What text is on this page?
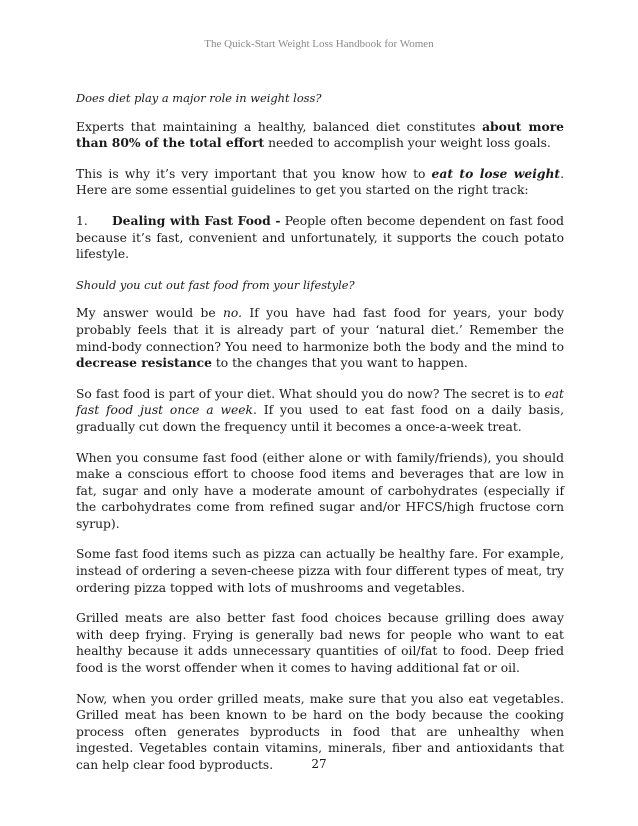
The Quick-Start Weight Loss Handbook for Women

Does diet play a major role in weight loss?

Experts that maintaining a healthy, balanced diet constitutes about more than 80% of the total effort needed to accomplish your weight loss goals.

This is why it’s very important that you know how to eat to lose weight. Here are some essential guidelines to get you started on the right track:

1. Dealing with Fast Food - People often become dependent on fast food because it’s fast, convenient and unfortunately, it supports the couch potato lifestyle.

Should you cut out fast food from your lifestyle?

My answer would be no. If you have had fast food for years, your body probably feels that it is already part of your ‘natural diet.’ Remember the mind-body connection? You need to harmonize both the body and the mind to decrease resistance to the changes that you want to happen.

So fast food is part of your diet. What should you do now? The secret is to eat fast food just once a week. If you used to eat fast food on a daily basis, gradually cut down the frequency until it becomes a once-a-week treat.

When you consume fast food (either alone or with family/friends), you should make a conscious effort to choose food items and beverages that are low in fat, sugar and only have a moderate amount of carbohydrates (especially if the carbohydrates come from refined sugar and/or HFCS/high fructose corn syrup).

Some fast food items such as pizza can actually be healthy fare. For example, instead of ordering a seven-cheese pizza with four different types of meat, try ordering pizza topped with lots of mushrooms and vegetables.

Grilled meats are also better fast food choices because grilling does away with deep frying. Frying is generally bad news for people who want to eat healthy because it adds unnecessary quantities of oil/fat to food. Deep fried food is the worst offender when it comes to having additional fat or oil.

Now, when you order grilled meats, make sure that you also eat vegetables. Grilled meat has been known to be hard on the body because the cooking process often generates byproducts in food that are unhealthy when ingested. Vegetables contain vitamins, minerals, fiber and antioxidants that can help clear food byproducts.	27
